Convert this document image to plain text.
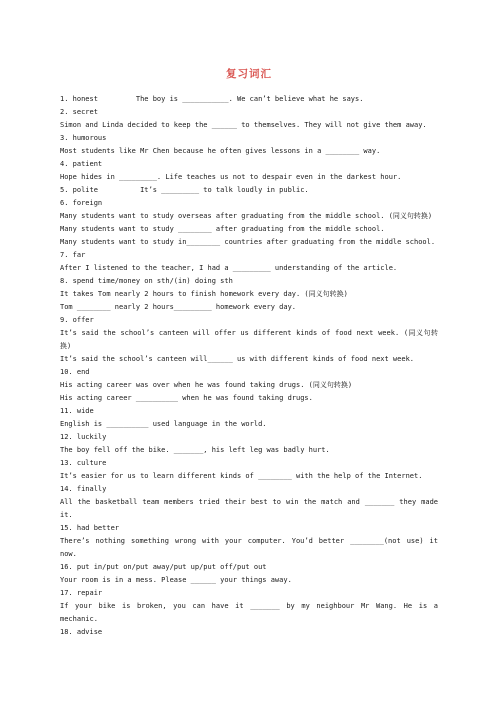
复习词汇

1. honest         The boy is ___________. We can’t believe what he says.

2. secret

Simon and Linda decided to keep the ______ to themselves. They will not give them away.

3. humorous

Most students like Mr Chen because he often gives lessons in a ________ way.

4. patient

Hope hides in _________. Life teaches us not to despair even in the darkest hour.

5. polite          It’s _________ to talk loudly in public.

6. foreign

Many students want to study overseas after graduating from the middle school. (同义句转换)

Many students want to study ________ after graduating from the middle school.

Many students want to study in________ countries after graduating from the middle school.

7. far

After I listened to the teacher, I had a _________ understanding of the article.

8. spend time/money on sth/(in) doing sth

It takes Tom nearly 2 hours to finish homework every day. (同义句转换)

Tom ________ nearly 2 hours_________ homework every day.

9. offer

It’s said the school’s canteen will offer us different kinds of food next week. (同义句转换)

It’s said the school’s canteen will______ us with different kinds of food next week.

10. end

His acting career was over when he was found taking drugs. (同义句转换)

His acting career __________ when he was found taking drugs.

11. wide

English is __________ used language in the world.

12. luckily

The boy fell off the bike. _______, his left leg was badly hurt.

13. culture

It’s easier for us to learn different kinds of ________ with the help of the Internet.

14. finally

All the basketball team members tried their best to win the match and _______ they made it.

15. had better

There’s nothing something wrong with your computer. You’d better ________(not use) it now.

16. put in/put on/put away/put up/put off/put out

Your room is in a mess. Please ______ your things away.

17. repair

If your bike is broken, you can have it _______ by my neighbour Mr Wang. He is a mechanic.

18. advise
